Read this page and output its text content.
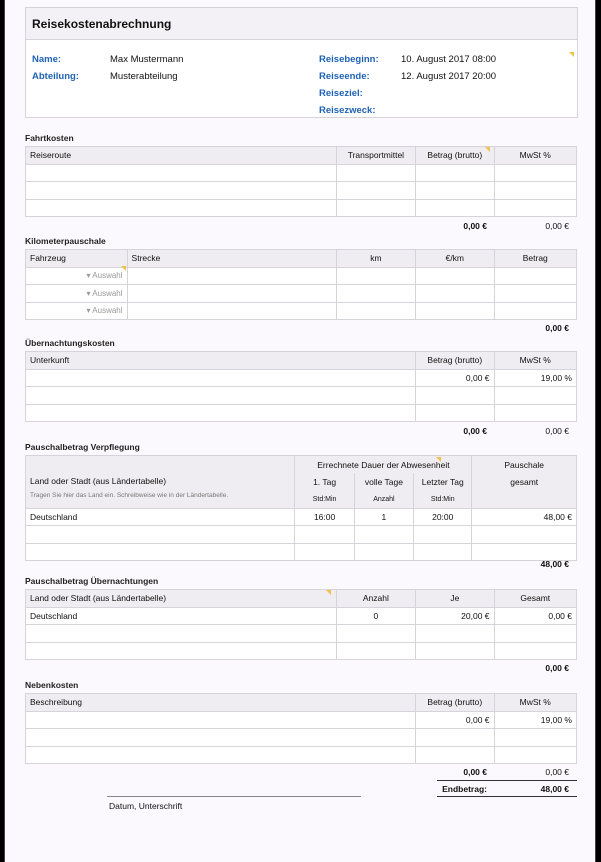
Reisekostenabrechnung
Name:	Max Mustermann
Abteilung:	Musterabteilung
Reisebeginn: 10. August 2017 08:00
Reiseende:	12. August 2017 20:00
Reiseziel:
Reisezweck:
Fahrtkosten
Reiseroute	Transportmittel	Betrag (brutto)	MwSt %

0,00 €	0,00 €
Kilometerpauschale
Fahrzeug	Strecke	km	€/km	Betrag
▾ Auswahl				
▾ Auswahl				
▾ Auswahl				
0,00 €
Übernachtungskosten
Unterkunft	Betrag (brutto)	MwSt %
	0,00 €	19,00 %

0,00 €	0,00 €
Pauschalbetrag Verpflegung
Land oder Stadt (aus Ländertabelle)
Tragen Sie hier das Land ein. Schreibweise wie in der Ländertabelle.	Errechnete Dauer der Abwesenheit			Pauschale
	1. Tag	volle Tage	Letzter Tag	gesamt
	Std:Min	Anzahl	Std:Min	
Deutschland	16:00	1	20:00	48,00 €

48,00 €
Pauschalbetrag Übernachtungen
Land oder Stadt (aus Ländertabelle)	Anzahl	Je	Gesamt
Deutschland	0	20,00 €	0,00 €

0,00 €
Nebenkosten
Beschreibung	Betrag (brutto)	MwSt %
	0,00 €	19,00 %

0,00 €	0,00 €
Endbetrag:	48,00 €
Datum, Unterschrift
